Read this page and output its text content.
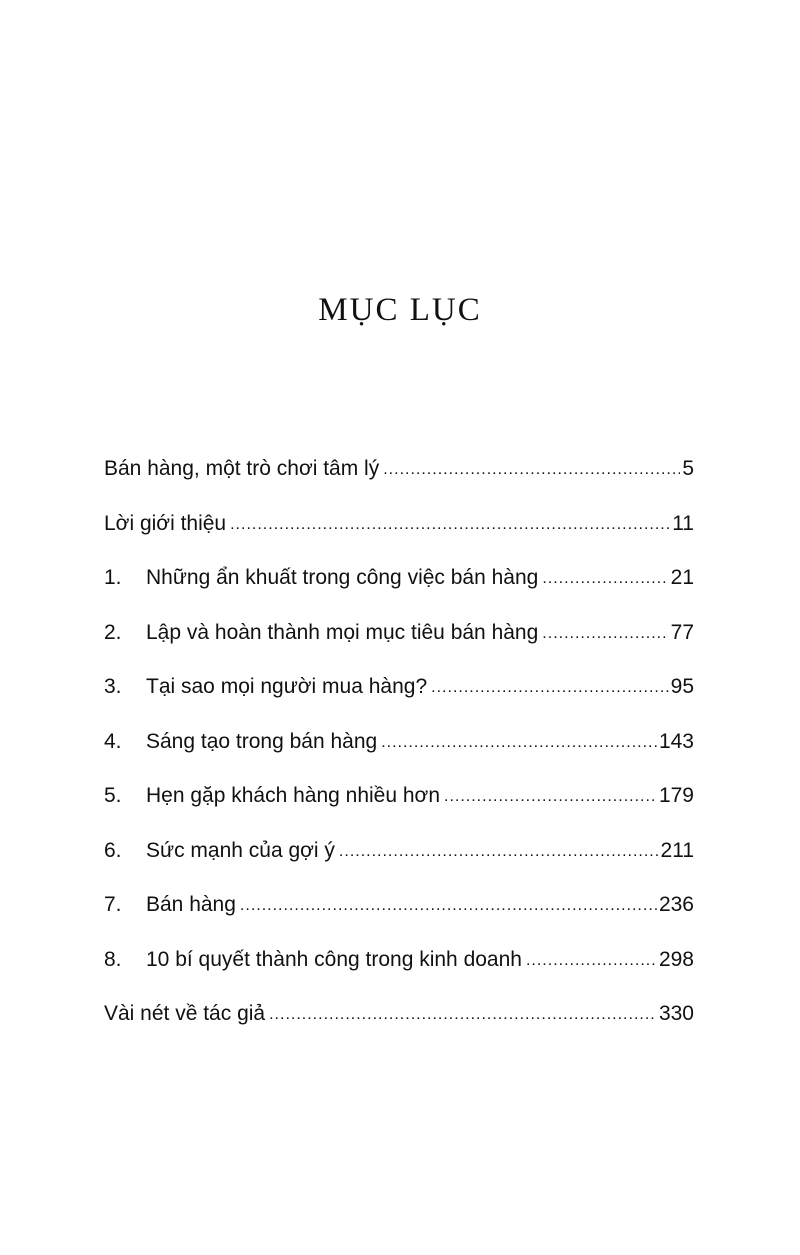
MỤC LỤC
Bán hàng, một trò chơi tâm lý .....	5
Lời giới thiệu .....	11
1.	Những ẩn khuất trong công việc bán hàng .....	21
2.	Lập và hoàn thành mọi mục tiêu bán hàng .....	77
3.	Tại sao mọi người mua hàng? .....	95
4.	Sáng tạo trong bán hàng .....	143
5.	Hẹn gặp khách hàng nhiều hơn .....	179
6.	Sức mạnh của gợi ý .....	211
7.	Bán hàng .....	236
8.	10 bí quyết thành công trong kinh doanh .....	298
Vài nét về tác giả .....	330
